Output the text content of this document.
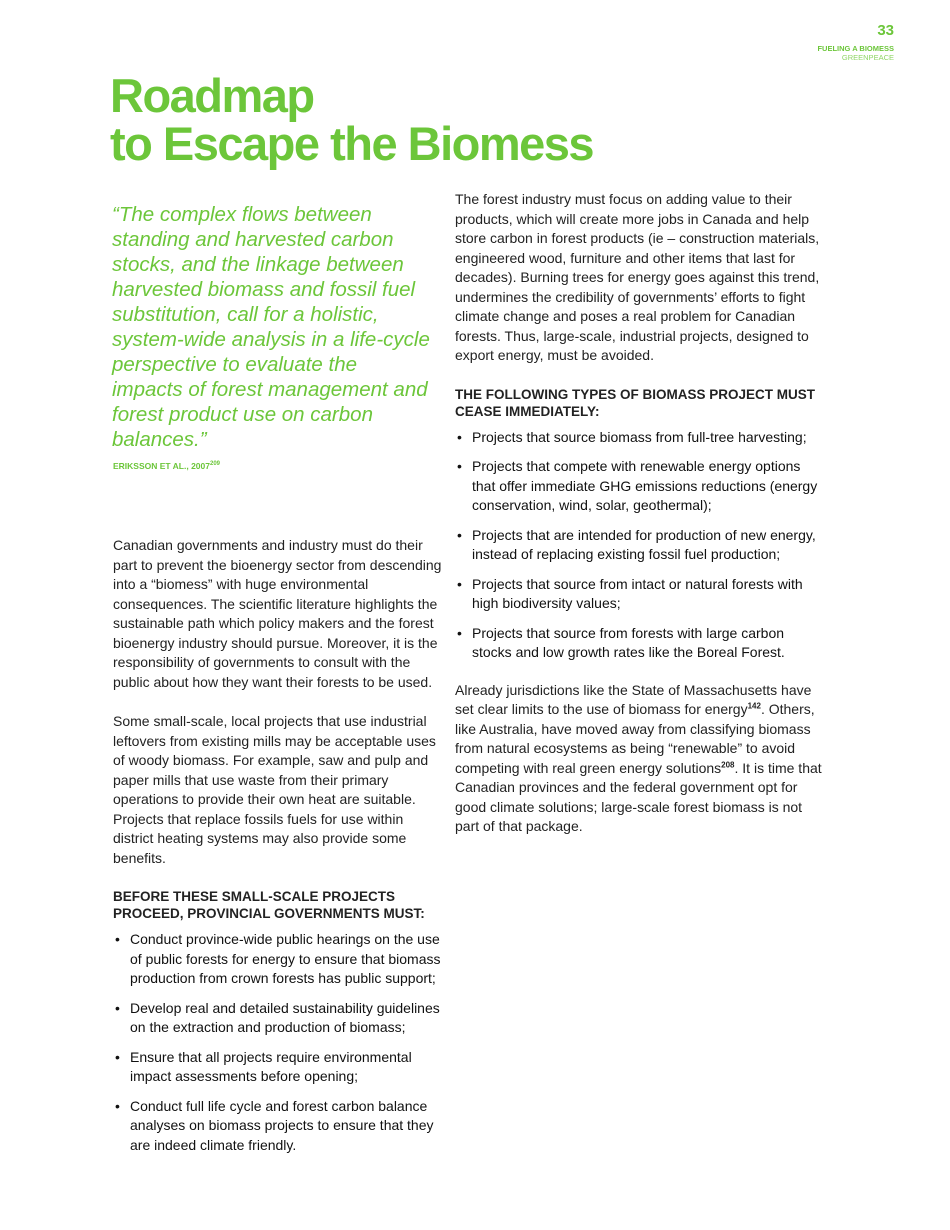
33
FUELING A BIOMESS
GREENPEACE
Roadmap
to Escape the Biomess

“The complex flows between standing and harvested carbon stocks, and the linkage between harvested biomass and fossil fuel substitution, call for a holistic, system-wide analysis in a life-cycle perspective to evaluate the impacts of forest management and forest product use on carbon balances.”

ERIKSSON ET AL., 2007$^{209}$

Canadian governments and industry must do their part to prevent the bioenergy sector from descending into a “biomess” with huge environmental consequences. The scientific literature highlights the sustainable path which policy makers and the forest bioenergy industry should pursue. Moreover, it is the responsibility of governments to consult with the public about how they want their forests to be used.

Some small-scale, local projects that use industrial leftovers from existing mills may be acceptable uses of woody biomass. For example, saw and pulp and paper mills that use waste from their primary operations to provide their own heat are suitable. Projects that replace fossils fuels for use within district heating systems may also provide some benefits.

BEFORE THESE SMALL-SCALE PROJECTS PROCEED, PROVINCIAL GOVERNMENTS MUST:
• Conduct province-wide public hearings on the use of public forests for energy to ensure that biomass production from crown forests has public support;
• Develop real and detailed sustainability guidelines on the extraction and production of biomass;
• Ensure that all projects require environmental impact assessments before opening;
• Conduct full life cycle and forest carbon balance analyses on biomass projects to ensure that they are indeed climate friendly.

The forest industry must focus on adding value to their products, which will create more jobs in Canada and help store carbon in forest products (ie – construction materials, engineered wood, furniture and other items that last for decades). Burning trees for energy goes against this trend, undermines the credibility of governments’ efforts to fight climate change and poses a real problem for Canadian forests. Thus, large-scale, industrial projects, designed to export energy, must be avoided.

THE FOLLOWING TYPES OF BIOMASS PROJECT MUST CEASE IMMEDIATELY:
• Projects that source biomass from full-tree harvesting;
• Projects that compete with renewable energy options that offer immediate GHG emissions reductions (energy conservation, wind, solar, geothermal);
• Projects that are intended for production of new energy, instead of replacing existing fossil fuel production;
• Projects that source from intact or natural forests with high biodiversity values;
• Projects that source from forests with large carbon stocks and low growth rates like the Boreal Forest.

Already jurisdictions like the State of Massachusetts have set clear limits to the use of biomass for energy$^{142}$. Others, like Australia, have moved away from classifying biomass from natural ecosystems as being “renewable” to avoid competing with real green energy solutions$^{208}$. It is time that Canadian provinces and the federal government opt for good climate solutions; large-scale forest biomass is not part of that package.
